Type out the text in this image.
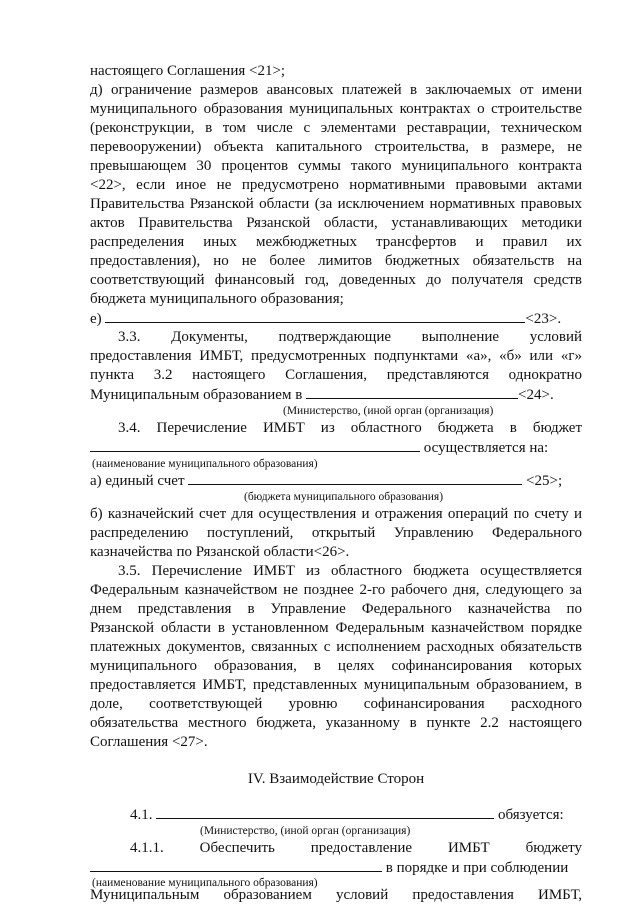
настоящего Соглашения <21>;
д) ограничение размеров авансовых платежей в заключаемых от имени
муниципального образования муниципальных контрактах о строительстве
(реконструкции, в том числе с элементами реставрации, техническом
перевооружении) объекта капитального строительства, в размере, не
превышающем 30 процентов суммы такого муниципального контракта
<22>, если иное не предусмотрено нормативными правовыми актами
Правительства Рязанской области (за исключением нормативных правовых
актов Правительства Рязанской области, устанавливающих методики
распределения иных межбюджетных трансфертов и правил их
предоставления), но не более лимитов бюджетных обязательств на
соответствующий финансовый год, доведенных до получателя средств
бюджета муниципального образования;
е)	<23>.
3.3. Документы, подтверждающие выполнение условий
предоставления ИМБТ, предусмотренных подпунктами «а», «б» или «г»
пункта 3.2 настоящего Соглашения, представляются однократно
Муниципальным образованием в	<24>.
(Министерство, (иной орган (организация)
3.4. Перечисление ИМБТ из областного бюджета в бюджет
осуществляется на:
(наименование муниципального образования)
а) единый счет	<25>;
(бюджета муниципального образования)
б) казначейский счет для осуществления и отражения операций по счету и
распределению поступлений, открытый Управлению Федерального
казначейства по Рязанской области<26>.
3.5. Перечисление ИМБТ из областного бюджета осуществляется
Федеральным казначейством не позднее 2-го рабочего дня, следующего за
днем представления в Управление Федерального казначейства по
Рязанской области в установленном Федеральным казначейством порядке
платежных документов, связанных с исполнением расходных обязательств
муниципального образования, в целях софинансирования которых
предоставляется ИМБТ, представленных муниципальным образованием, в
доле, соответствующей уровню софинансирования расходного
обязательства местного бюджета, указанному в пункте 2.2 настоящего
Соглашения <27>.
IV. Взаимодействие Сторон
4.1.	обязуется:
(Министерство, (иной орган (организация)
4.1.1. Обеспечить предоставление ИМБТ бюджету
в порядке и при соблюдении
(наименование муниципального образования)
Муниципальным образованием условий предоставления ИМБТ,
